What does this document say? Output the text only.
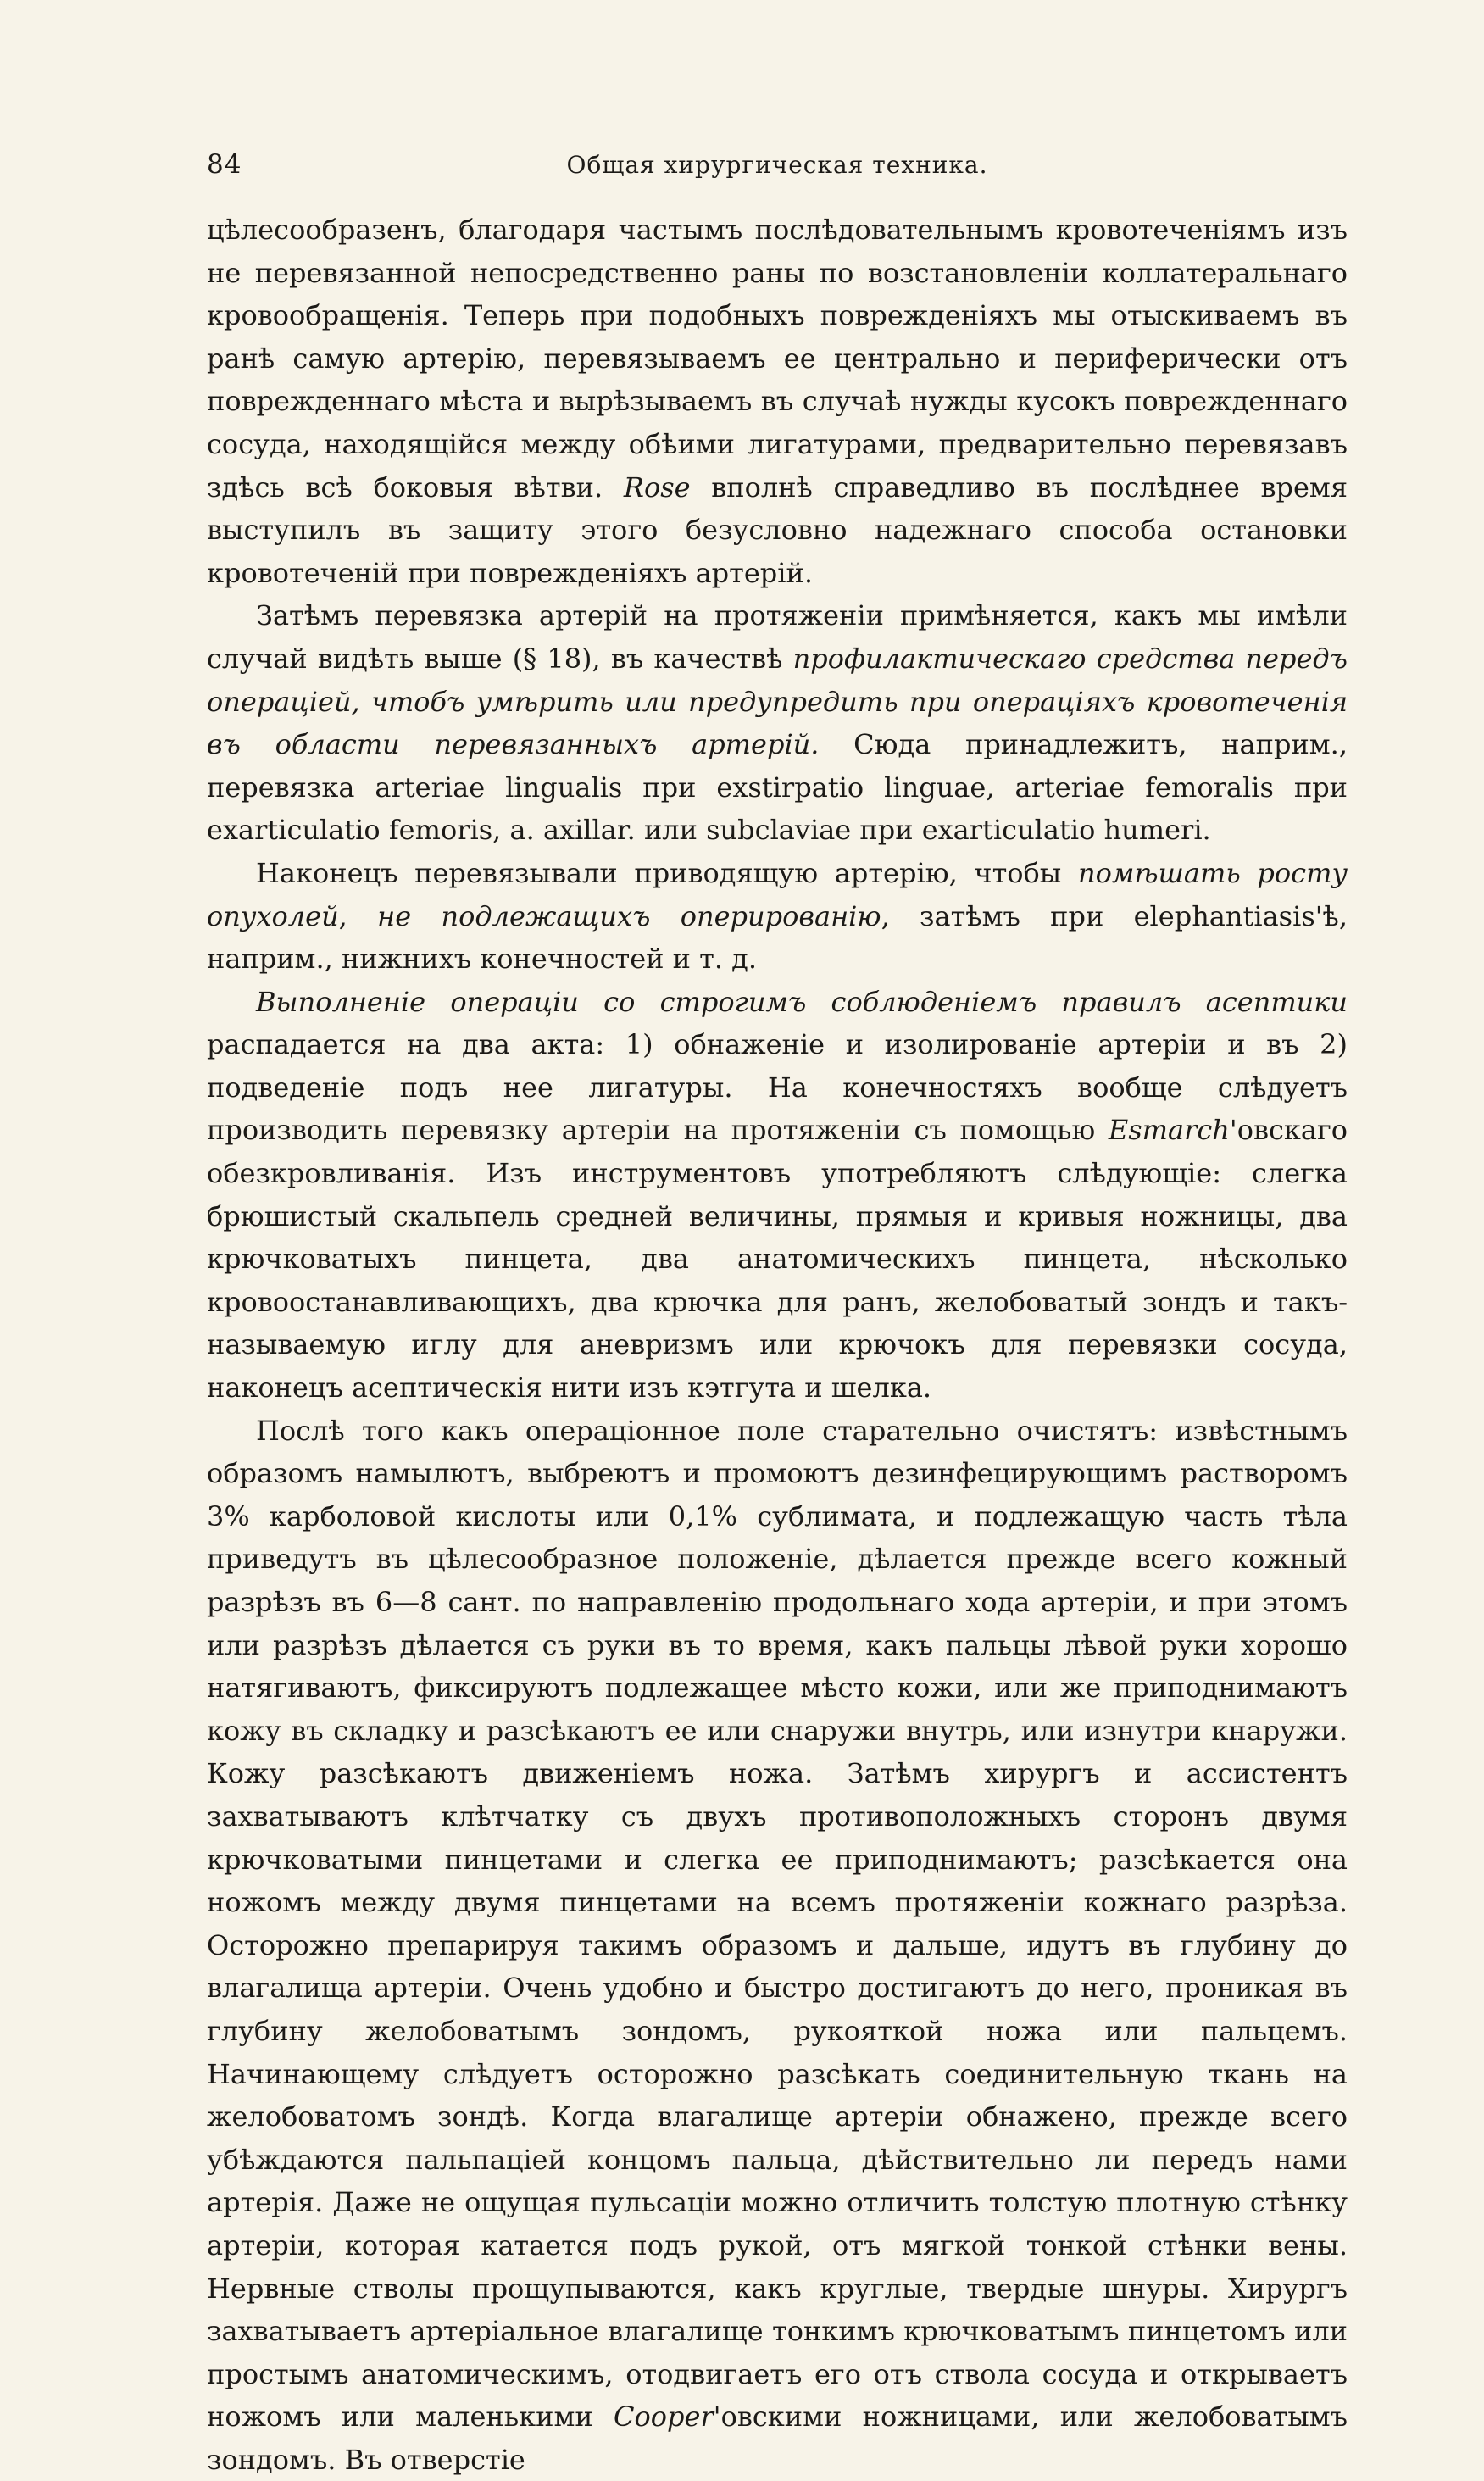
84	Общая хирургическая техника.

цѣлесообразенъ, благодаря частымъ послѣдовательнымъ кровотеченіямъ изъ не перевязанной непосредственно раны по возстановленіи коллатеральнаго кровообращенія. Теперь при подобныхъ поврежденіяхъ мы отыскиваемъ въ ранѣ самую артерію, перевязываемъ ее центрально и периферически отъ поврежденнаго мѣста и вырѣзываемъ въ случаѣ нужды кусокъ поврежденнаго сосуда, находящійся между обѣими лигатурами, предварительно перевязавъ здѣсь всѣ боковыя вѣтви. Rose вполнѣ справедливо въ послѣднее время выступилъ въ защиту этого безусловно надежнаго способа остановки кровотеченій при поврежденіяхъ артерій.

Затѣмъ перевязка артерій на протяженіи примѣняется, какъ мы имѣли случай видѣть выше (§ 18), въ качествѣ профилактическаго средства передъ операціей, чтобъ умѣрить или предупредить при операціяхъ кровотеченія въ области перевязанныхъ артерій. Сюда принадлежитъ, наприм., перевязка arteriae lingualis при exstirpatio linguae, arteriae femoralis при exarticulatio femoris, a. axillar. или subclaviae при exarticulatio humeri.

Наконецъ перевязывали приводящую артерію, чтобы помѣшать росту опухолей, не подлежащихъ оперированію, затѣмъ при elephantiasis'ѣ, наприм., нижнихъ конечностей и т. д.

Выполненіе операціи со строгимъ соблюденіемъ правилъ асептики распадается на два акта: 1) обнаженіе и изолированіе артеріи и въ 2) подведеніе подъ нее лигатуры. На конечностяхъ вообще слѣдуетъ производить перевязку артеріи на протяженіи съ помощью Esmarch'овскаго обезкровливанія. Изъ инструментовъ употребляютъ слѣдующіе: слегка брюшистый скальпель средней величины, прямыя и кривыя ножницы, два крючковатыхъ пинцета, два анатомическихъ пинцета, нѣсколько кровоостанавливающихъ, два крючка для ранъ, желобоватый зондъ и такъ-называемую иглу для аневризмъ или крючокъ для перевязки сосуда, наконецъ асептическія нити изъ кэтгута и шелка.

Послѣ того какъ операціонное поле старательно очистятъ: извѣстнымъ образомъ намылютъ, выбреютъ и промоютъ дезинфецирующимъ растворомъ 3% карболовой кислоты или 0,1% сублимата, и подлежащую часть тѣла приведутъ въ цѣлесообразное положеніе, дѣлается прежде всего кожный разрѣзъ въ 6—8 сант. по направленію продольнаго хода артеріи, и при этомъ или разрѣзъ дѣлается съ руки въ то время, какъ пальцы лѣвой руки хорошо натягиваютъ, фиксируютъ подлежащее мѣсто кожи, или же приподнимаютъ кожу въ складку и разсѣкаютъ ее или снаружи внутрь, или изнутри кнаружи. Кожу разсѣкаютъ движеніемъ ножа. Затѣмъ хирургъ и ассистентъ захватываютъ клѣтчатку съ двухъ противоположныхъ сторонъ двумя крючковатыми пинцетами и слегка ее приподнимаютъ; разсѣкается она ножомъ между двумя пинцетами на всемъ протяженіи кожнаго разрѣза. Осторожно препарируя такимъ образомъ и дальше, идутъ въ глубину до влагалища артеріи. Очень удобно и быстро достигаютъ до него, проникая въ глубину желобоватымъ зондомъ, рукояткой ножа или пальцемъ. Начинающему слѣдуетъ осторожно разсѣкать соединительную ткань на желобоватомъ зондѣ. Когда влагалище артеріи обнажено, прежде всего убѣждаются пальпаціей концомъ пальца, дѣйствительно ли передъ нами артерія. Даже не ощущая пульсаціи можно отличить толстую плотную стѣнку артеріи, которая катается подъ рукой, отъ мягкой тонкой стѣнки вены. Нервные стволы прощупываются, какъ круглые, твердые шнуры. Хирургъ захватываетъ артеріальное влагалище тонкимъ крючковатымъ пинцетомъ или простымъ анатомическимъ, отодвигаетъ его отъ ствола сосуда и открываетъ ножомъ или маленькими Cooper'овскими ножницами, или желобоватымъ зондомъ. Въ отверстіе
